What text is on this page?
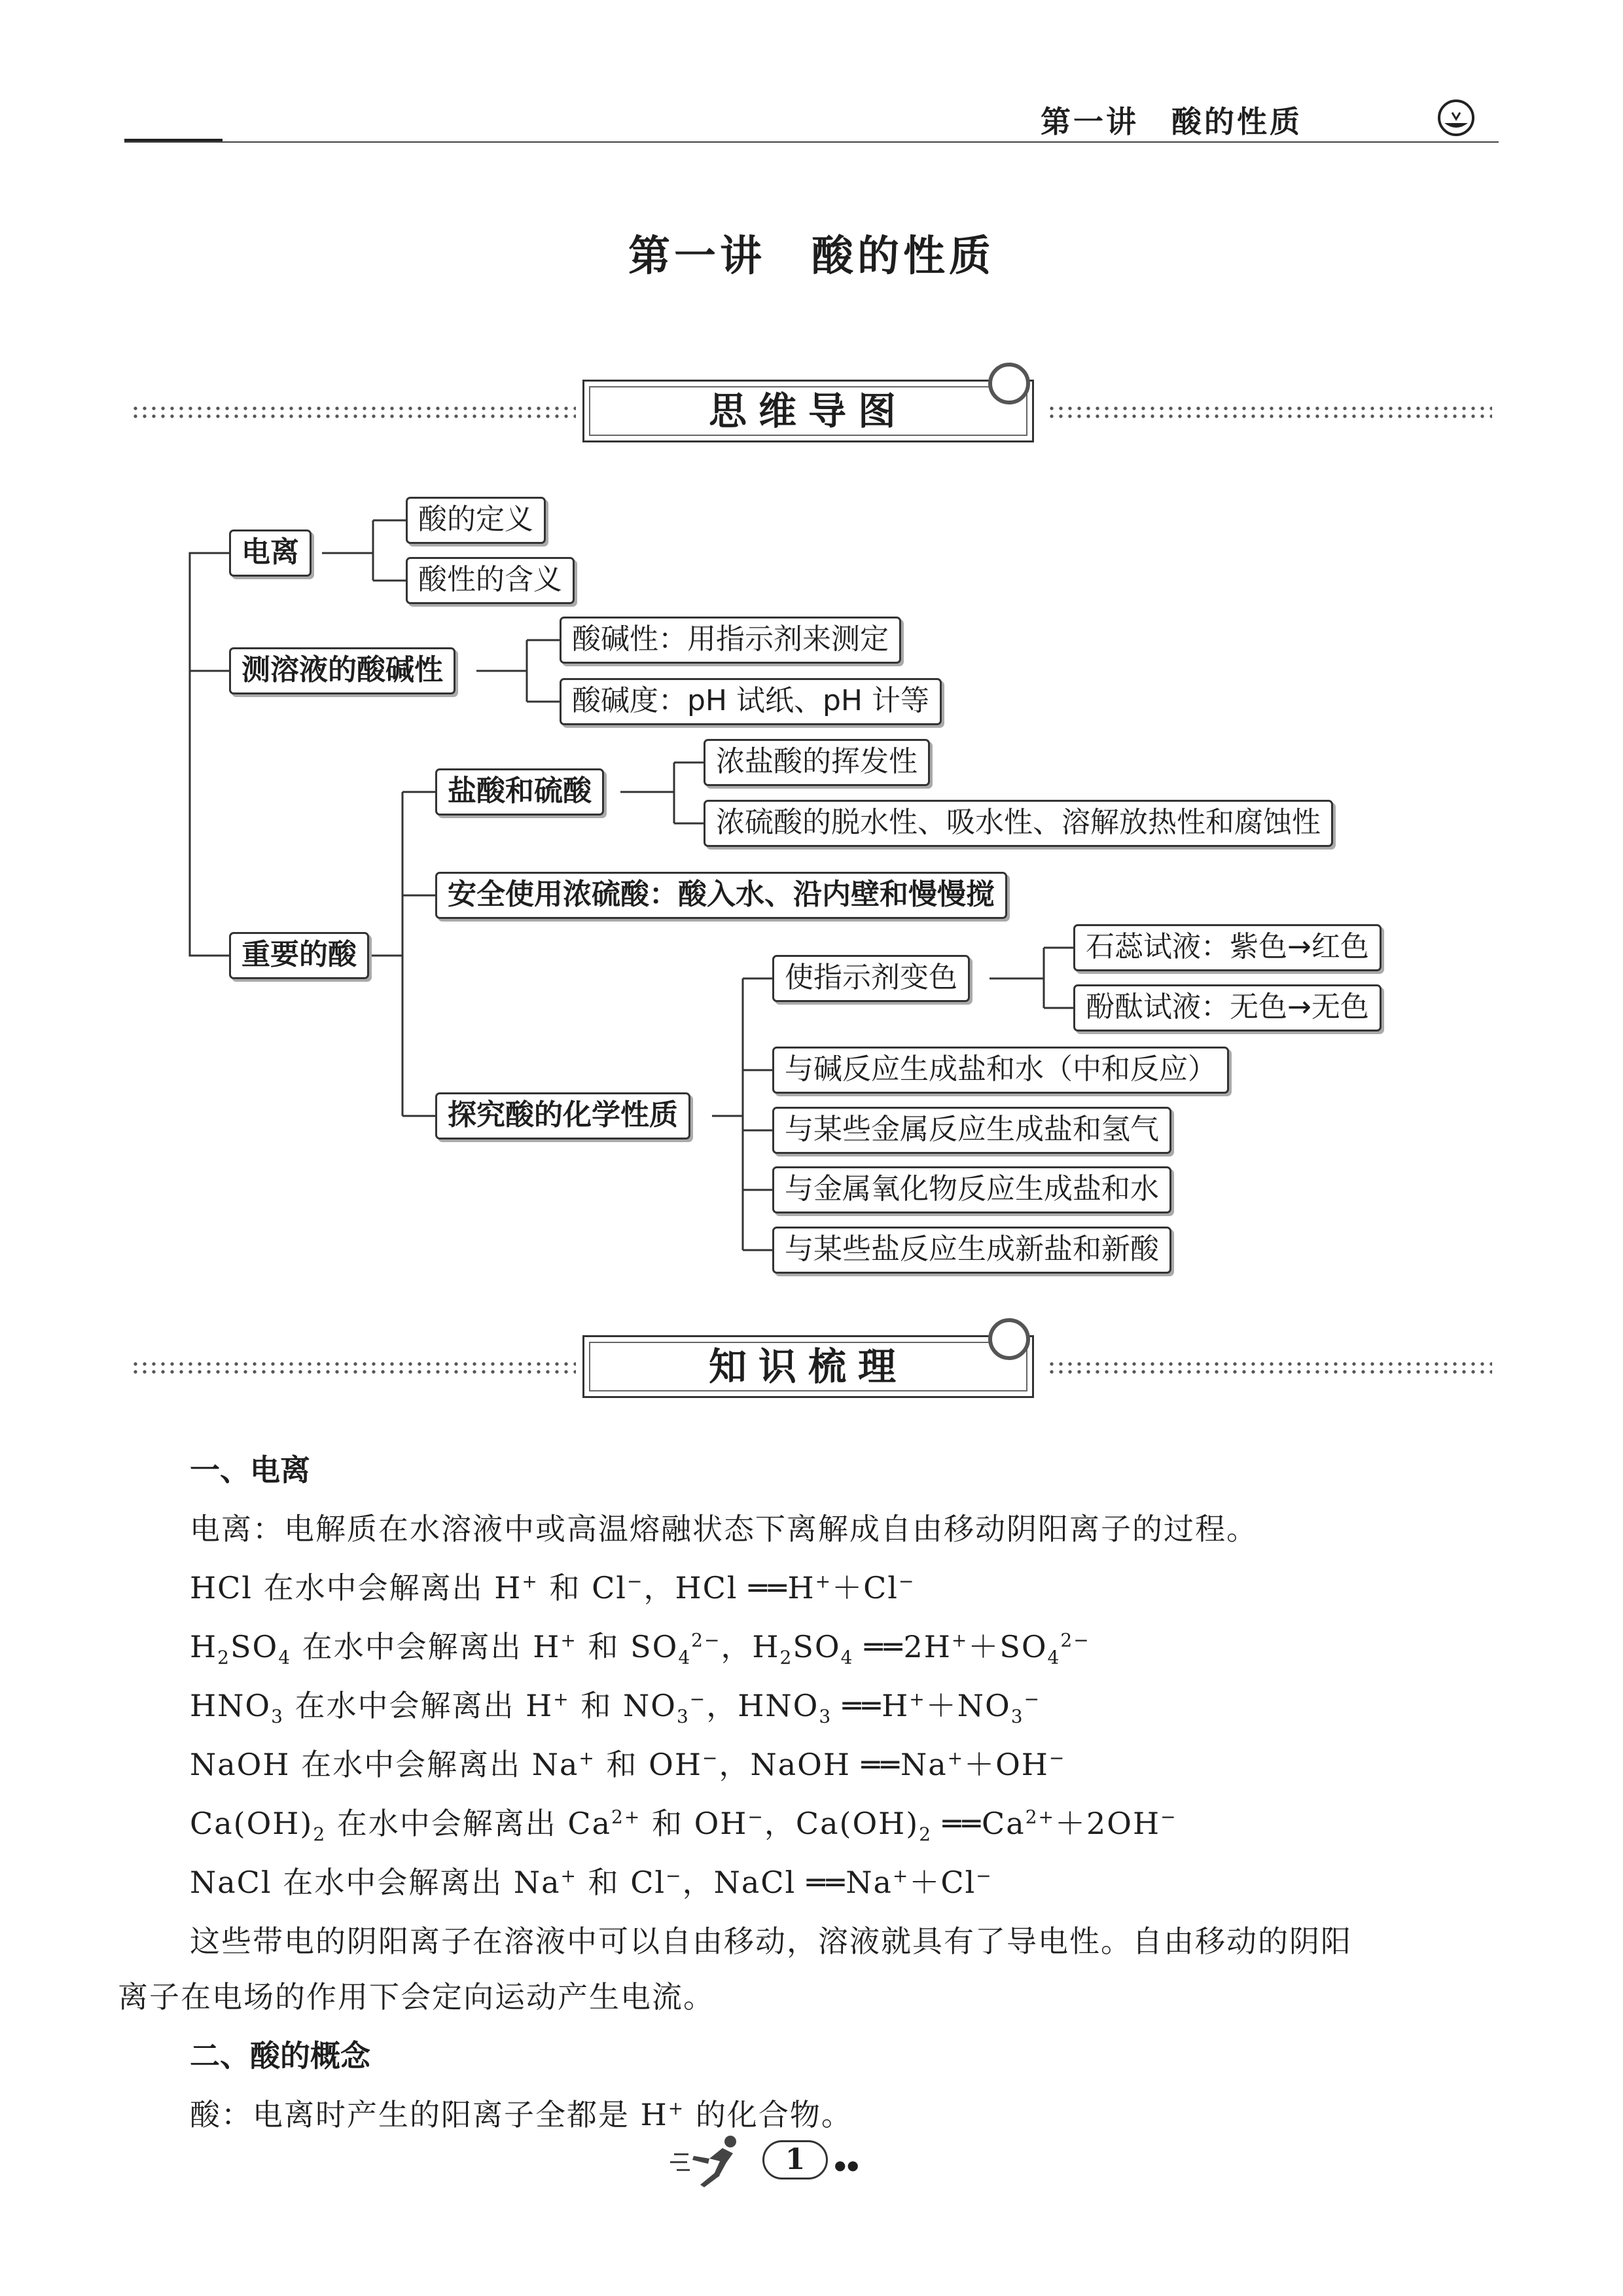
第一讲　酸的性质
第一讲　酸的性质
思维导图
电离
酸的定义
酸性的含义
测溶液的酸碱性
酸碱性：用指示剂来测定
酸碱度：pH 试纸、pH 计等
盐酸和硫酸
浓盐酸的挥发性
浓硫酸的脱水性、吸水性、溶解放热性和腐蚀性
安全使用浓硫酸：酸入水、沿内壁和慢慢搅
重要的酸
使指示剂变色
石蕊试液：紫色→红色
酚酞试液：无色→无色
探究酸的化学性质
与碱反应生成盐和水（中和反应）
与某些金属反应生成盐和氢气
与金属氧化物反应生成盐和水
与某些盐反应生成新盐和新酸
知识梳理
一、电离
电离：电解质在水溶液中或高温熔融状态下离解成自由移动阴阳离子的过程。
HCl 在水中会解离出 H+ 和 Cl−，HCl ══H+＋Cl−
$H_2SO_4$ 在水中会解离出 H+ 和 $SO_4^{2-}$，$H_2SO_4$ $══2H^++SO_4^{2-}$
$HNO_3$ 在水中会解离出 H+ 和 $NO_3^-$，$HNO_3$ $══H^++NO_3^-$
NaOH 在水中会解离出 Na+ 和 OH−，NaOH ══Na+＋OH−
$Ca(OH)_2$ 在水中会解离出 $Ca^{2+}$ 和 OH−，$Ca(OH)_2$ $══Ca^{2+}+2OH^-$
NaCl 在水中会解离出 Na+ 和 Cl−，NaCl ══Na+＋Cl−
这些带电的阴阳离子在溶液中可以自由移动，溶液就具有了导电性。自由移动的阴阳
离子在电场的作用下会定向运动产生电流。
二、酸的概念
酸：电离时产生的阳离子全都是 H+ 的化合物。
1	●●
